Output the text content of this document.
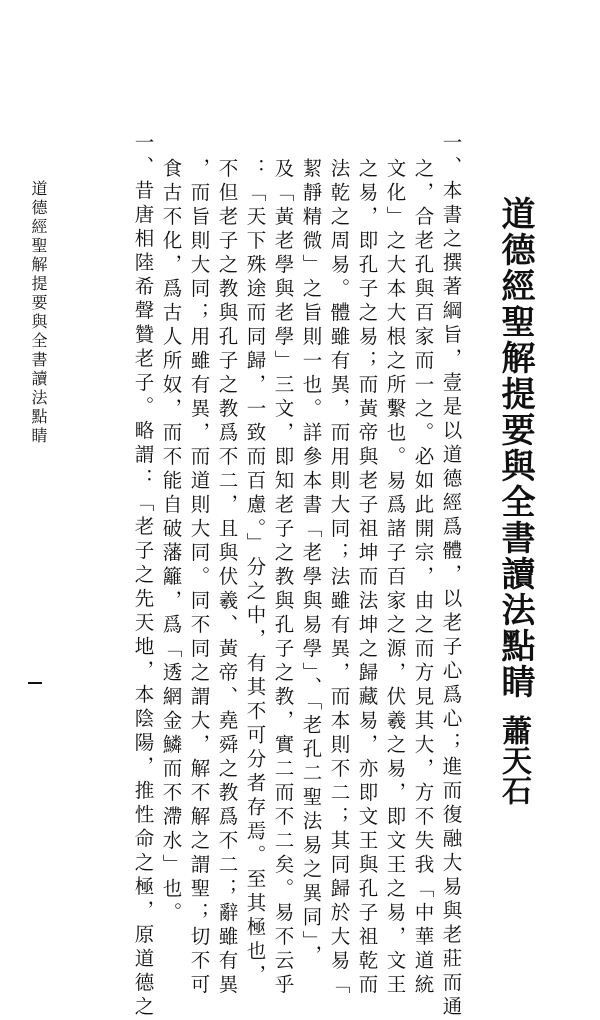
道德經聖解提要與全書讀法點睛
蕭天石
一、本書之撰著綱旨，壹是以道德經爲體，以老子心爲心；進而復融大易與老莊而通
之，合老孔與百家而一之。必如此開宗，由之而方見其大，方不失我「中華道統
文化」之大本大根之所繫也。易爲諸子百家之源，伏羲之易，即文王之易，文王
之易，即孔子之易；而黃帝與老子祖坤而法坤之歸藏易，亦即文王與孔子祖乾而
法乾之周易。體雖有異，而用則大同；法雖有異，而本則不二；其同歸於大易「
絜靜精微」之旨則一也。詳參本書「老學與易學」、「老孔二聖法易之異同」，
及「黃老學與老學」三文，即知老子之教與孔子之教，實二而不二矣。易不云乎
：「天下殊途而同歸，一致而百慮。」分之中，有其不可分者存焉。至其極也，
不但老子之教與孔子之教爲不二，且與伏羲、黃帝、堯舜之教爲不二；辭雖有異
，而旨則大同；用雖有異，而道則大同。同不同之謂大，解不解之謂聖；切不可
食古不化，爲古人所奴，而不能自破藩籬，爲「透網金鱗而不滯水」也。
一、昔唐相陸希聲贊老子。略謂：「老子之先天地，本陰陽，推性命之極，原道德之
道德經聖解提要與全書讀法點睛
